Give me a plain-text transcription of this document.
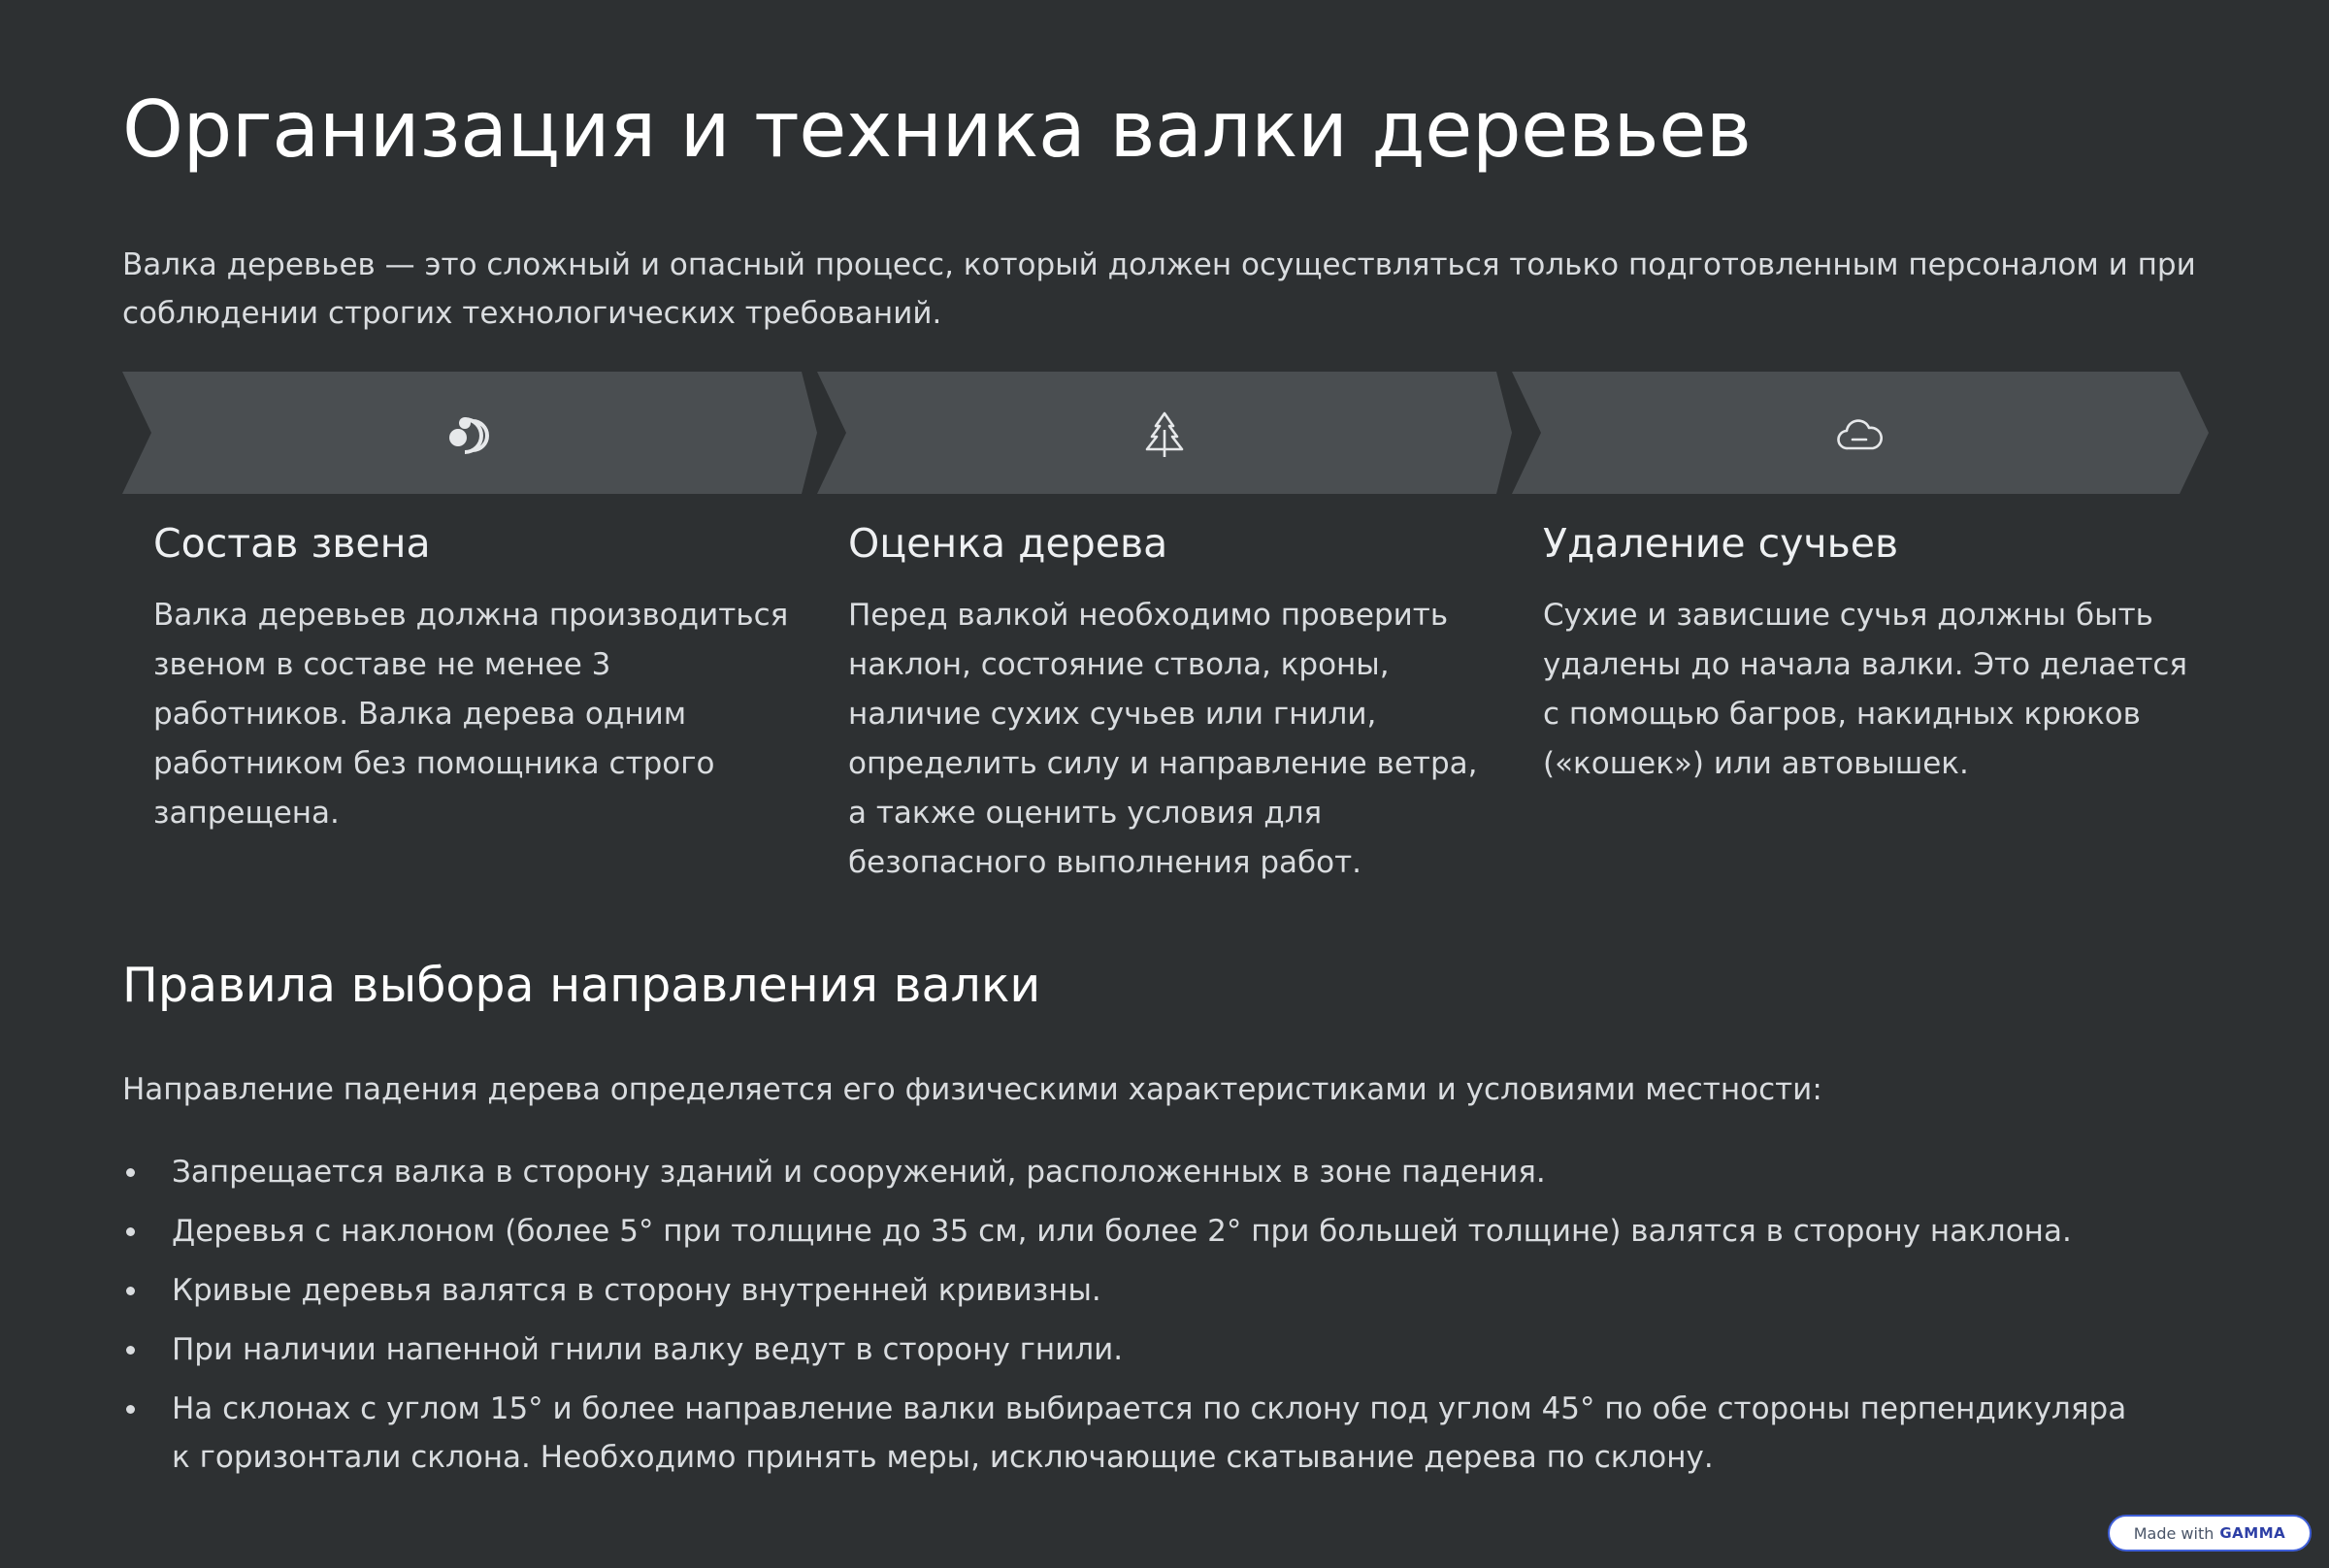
Организация и техника валки деревьев

Валка деревьев — это сложный и опасный процесс, который должен осуществляться только подготовленным персоналом и при соблюдении строгих технологических требований.

Состав звена

Валка деревьев должна производиться звеном в составе не менее 3 работников. Валка дерева одним работником без помощника строго запрещена.

Оценка дерева

Перед валкой необходимо проверить наклон, состояние ствола, кроны, наличие сухих сучьев или гнили, определить силу и направление ветра, а также оценить условия для безопасного выполнения работ.

Удаление сучьев

Сухие и зависшие сучья должны быть удалены до начала валки. Это делается с помощью багров, накидных крюков («кошек») или автовышек.

Правила выбора направления валки

Направление падения дерева определяется его физическими характеристиками и условиями местности:

Запрещается валка в сторону зданий и сооружений, расположенных в зоне падения.
Деревья с наклоном (более 5° при толщине до 35 см, или более 2° при большей толщине) валятся в сторону наклона.
Кривые деревья валятся в сторону внутренней кривизны.
При наличии напенной гнили валку ведут в сторону гнили.
На склонах с углом 15° и более направление валки выбирается по склону под углом 45° по обе стороны перпендикуляра к горизонтали склона. Необходимо принять меры, исключающие скатывание дерева по склону.
Made with GAMMA
